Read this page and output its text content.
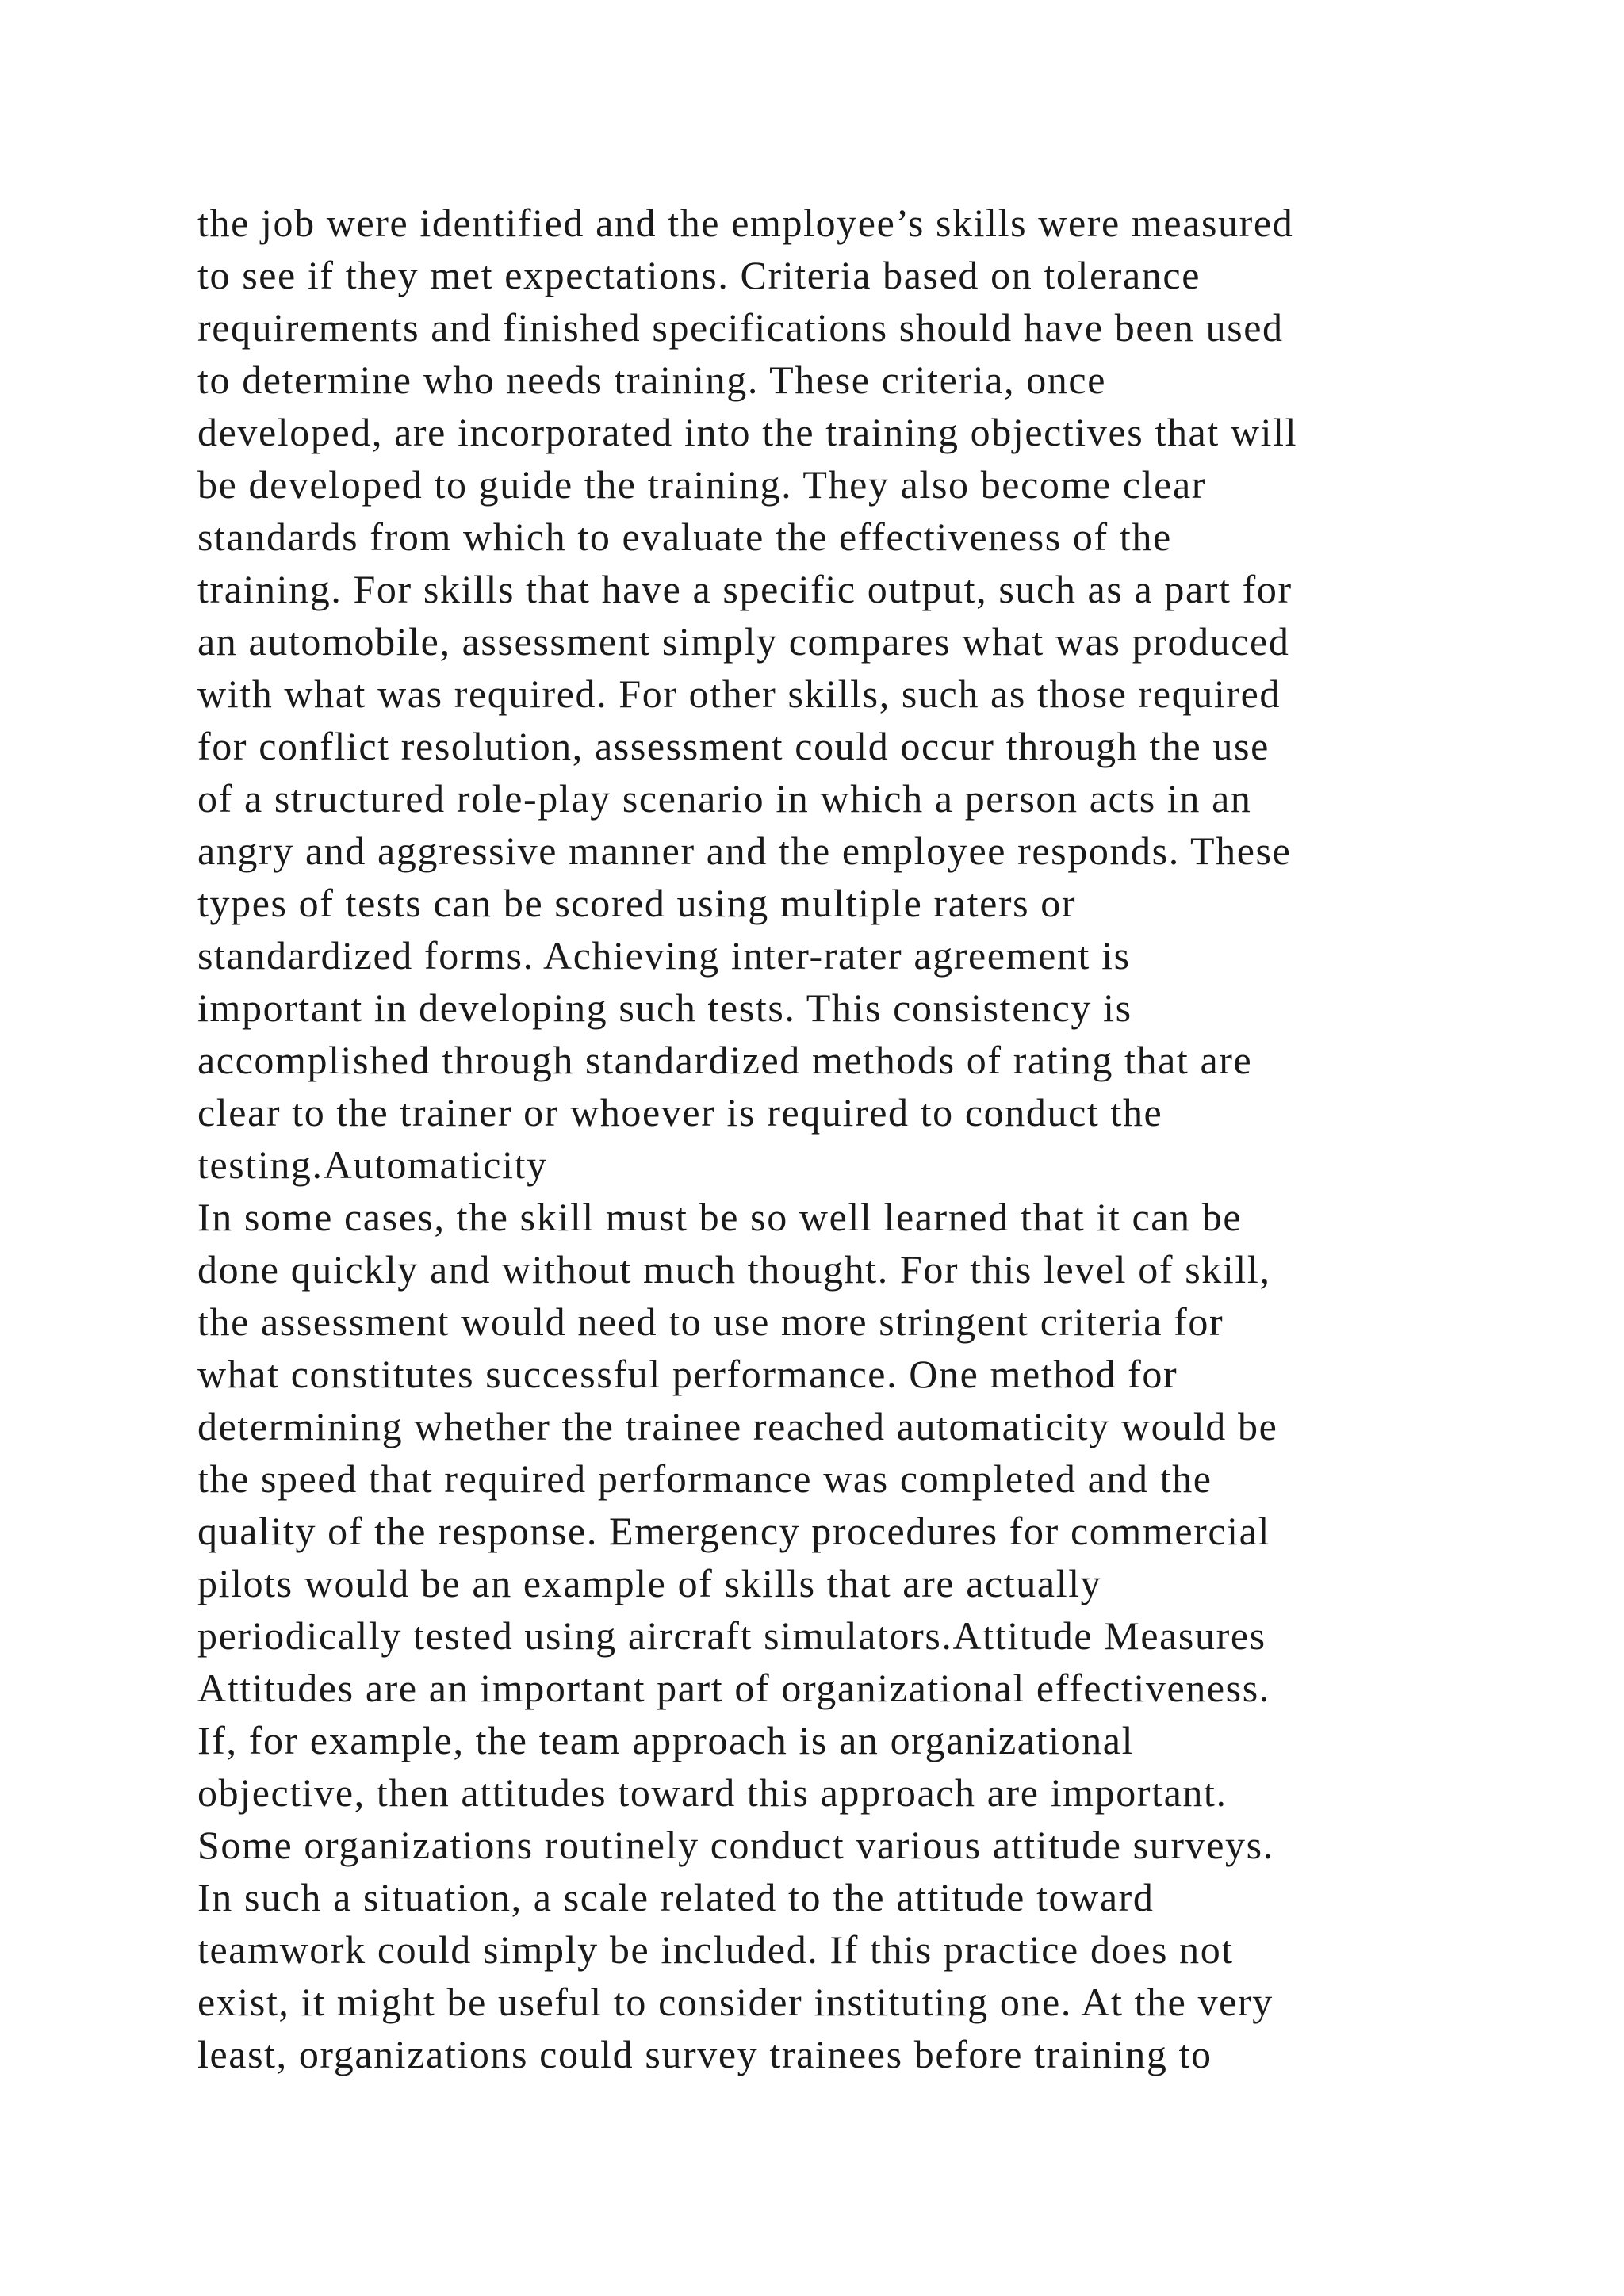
the job were identified and the employee’s skills were measured
to see if they met expectations. Criteria based on tolerance
requirements and finished specifications should have been used
to determine who needs training. These criteria, once
developed, are incorporated into the training objectives that will
be developed to guide the training. They also become clear
standards from which to evaluate the effectiveness of the
training. For skills that have a specific output, such as a part for
an automobile, assessment simply compares what was produced
with what was required. For other skills, such as those required
for conflict resolution, assessment could occur through the use
of a structured role-play scenario in which a person acts in an
angry and aggressive manner and the employee responds. These
types of tests can be scored using multiple raters or
standardized forms. Achieving inter-rater agreement is
important in developing such tests. This consistency is
accomplished through standardized methods of rating that are
clear to the trainer or whoever is required to conduct the
testing.Automaticity
In some cases, the skill must be so well learned that it can be
done quickly and without much thought. For this level of skill,
the assessment would need to use more stringent criteria for
what constitutes successful performance. One method for
determining whether the trainee reached automaticity would be
the speed that required performance was completed and the
quality of the response. Emergency procedures for commercial
pilots would be an example of skills that are actually
periodically tested using aircraft simulators.Attitude Measures
Attitudes are an important part of organizational effectiveness.
If, for example, the team approach is an organizational
objective, then attitudes toward this approach are important.
Some organizations routinely conduct various attitude surveys.
In such a situation, a scale related to the attitude toward
teamwork could simply be included. If this practice does not
exist, it might be useful to consider instituting one. At the very
least, organizations could survey trainees before training to
